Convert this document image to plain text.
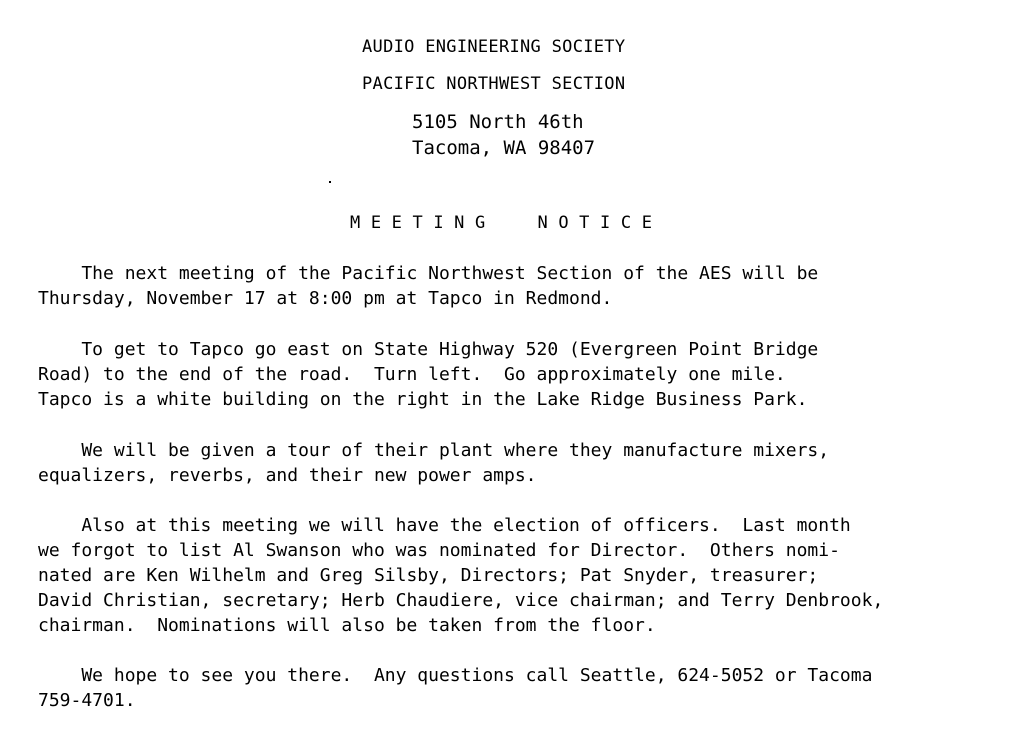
AUDIO ENGINEERING SOCIETY
PACIFIC NORTHWEST SECTION
5105 North 46th
Tacoma, WA 98407
MEETING  NOTICE
The next meeting of the Pacific Northwest Section of the AES will be
Thursday, November 17 at 8:00 pm at Tapco in Redmond.
To get to Tapco go east on State Highway 520 (Evergreen Point Bridge
Road) to the end of the road.  Turn left.  Go approximately one mile.
Tapco is a white building on the right in the Lake Ridge Business Park.
We will be given a tour of their plant where they manufacture mixers,
equalizers, reverbs, and their new power amps.
Also at this meeting we will have the election of officers.  Last month
we forgot to list Al Swanson who was nominated for Director.  Others nomi-
nated are Ken Wilhelm and Greg Silsby, Directors; Pat Snyder, treasurer;
David Christian, secretary; Herb Chaudiere, vice chairman; and Terry Denbrook,
chairman.  Nominations will also be taken from the floor.
We hope to see you there.  Any questions call Seattle, 624-5052 or Tacoma
759-4701.
